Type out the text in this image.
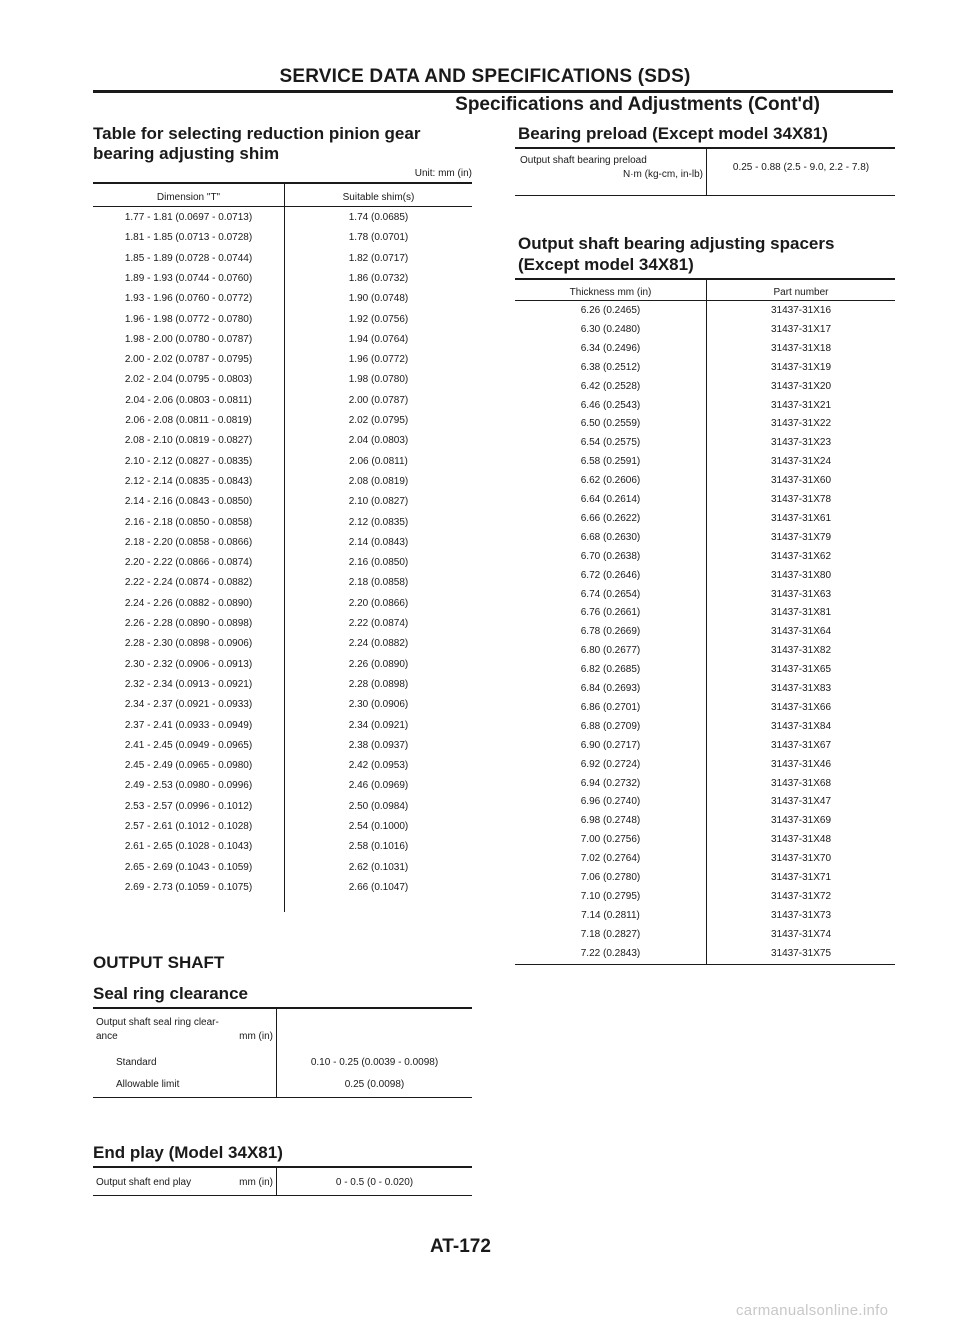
SERVICE DATA AND SPECIFICATIONS (SDS)
Specifications and Adjustments (Cont'd)
Table for selecting reduction pinion gear
bearing adjusting shim
Unit: mm (in)
Dimension "T"	Suitable shim(s)
1.77 - 1.81 (0.0697 - 0.0713)	1.74 (0.0685)
1.81 - 1.85 (0.0713 - 0.0728)	1.78 (0.0701)
1.85 - 1.89 (0.0728 - 0.0744)	1.82 (0.0717)
1.89 - 1.93 (0.0744 - 0.0760)	1.86 (0.0732)
1.93 - 1.96 (0.0760 - 0.0772)	1.90 (0.0748)
1.96 - 1.98 (0.0772 - 0.0780)	1.92 (0.0756)
1.98 - 2.00 (0.0780 - 0.0787)	1.94 (0.0764)
2.00 - 2.02 (0.0787 - 0.0795)	1.96 (0.0772)
2.02 - 2.04 (0.0795 - 0.0803)	1.98 (0.0780)
2.04 - 2.06 (0.0803 - 0.0811)	2.00 (0.0787)
2.06 - 2.08 (0.0811 - 0.0819)	2.02 (0.0795)
2.08 - 2.10 (0.0819 - 0.0827)	2.04 (0.0803)
2.10 - 2.12 (0.0827 - 0.0835)	2.06 (0.0811)
2.12 - 2.14 (0.0835 - 0.0843)	2.08 (0.0819)
2.14 - 2.16 (0.0843 - 0.0850)	2.10 (0.0827)
2.16 - 2.18 (0.0850 - 0.0858)	2.12 (0.0835)
2.18 - 2.20 (0.0858 - 0.0866)	2.14 (0.0843)
2.20 - 2.22 (0.0866 - 0.0874)	2.16 (0.0850)
2.22 - 2.24 (0.0874 - 0.0882)	2.18 (0.0858)
2.24 - 2.26 (0.0882 - 0.0890)	2.20 (0.0866)
2.26 - 2.28 (0.0890 - 0.0898)	2.22 (0.0874)
2.28 - 2.30 (0.0898 - 0.0906)	2.24 (0.0882)
2.30 - 2.32 (0.0906 - 0.0913)	2.26 (0.0890)
2.32 - 2.34 (0.0913 - 0.0921)	2.28 (0.0898)
2.34 - 2.37 (0.0921 - 0.0933)	2.30 (0.0906)
2.37 - 2.41 (0.0933 - 0.0949)	2.34 (0.0921)
2.41 - 2.45 (0.0949 - 0.0965)	2.38 (0.0937)
2.45 - 2.49 (0.0965 - 0.0980)	2.42 (0.0953)
2.49 - 2.53 (0.0980 - 0.0996)	2.46 (0.0969)
2.53 - 2.57 (0.0996 - 0.1012)	2.50 (0.0984)
2.57 - 2.61 (0.1012 - 0.1028)	2.54 (0.1000)
2.61 - 2.65 (0.1028 - 0.1043)	2.58 (0.1016)
2.65 - 2.69 (0.1043 - 0.1059)	2.62 (0.1031)
2.69 - 2.73 (0.1059 - 0.1075)	2.66 (0.1047)
OUTPUT SHAFT
Seal ring clearance
Output shaft seal ring clear-
ance	mm (in)
Standard	0.10 - 0.25 (0.0039 - 0.0098)
Allowable limit	0.25 (0.0098)
End play (Model 34X81)
Output shaft end play	mm (in)	0 - 0.5 (0 - 0.020)
Bearing preload (Except model 34X81)
Output shaft bearing preload
N·m (kg-cm, in-lb)
0.25 - 0.88 (2.5 - 9.0, 2.2 - 7.8)
Output shaft bearing adjusting spacers
(Except model 34X81)
Thickness mm (in)	Part number
6.26 (0.2465)	31437-31X16
6.30 (0.2480)	31437-31X17
6.34 (0.2496)	31437-31X18
6.38 (0.2512)	31437-31X19
6.42 (0.2528)	31437-31X20
6.46 (0.2543)	31437-31X21
6.50 (0.2559)	31437-31X22
6.54 (0.2575)	31437-31X23
6.58 (0.2591)	31437-31X24
6.62 (0.2606)	31437-31X60
6.64 (0.2614)	31437-31X78
6.66 (0.2622)	31437-31X61
6.68 (0.2630)	31437-31X79
6.70 (0.2638)	31437-31X62
6.72 (0.2646)	31437-31X80
6.74 (0.2654)	31437-31X63
6.76 (0.2661)	31437-31X81
6.78 (0.2669)	31437-31X64
6.80 (0.2677)	31437-31X82
6.82 (0.2685)	31437-31X65
6.84 (0.2693)	31437-31X83
6.86 (0.2701)	31437-31X66
6.88 (0.2709)	31437-31X84
6.90 (0.2717)	31437-31X67
6.92 (0.2724)	31437-31X46
6.94 (0.2732)	31437-31X68
6.96 (0.2740)	31437-31X47
6.98 (0.2748)	31437-31X69
7.00 (0.2756)	31437-31X48
7.02 (0.2764)	31437-31X70
7.06 (0.2780)	31437-31X71
7.10 (0.2795)	31437-31X72
7.14 (0.2811)	31437-31X73
7.18 (0.2827)	31437-31X74
7.22 (0.2843)	31437-31X75
AT-172
carmanualsonline.info
